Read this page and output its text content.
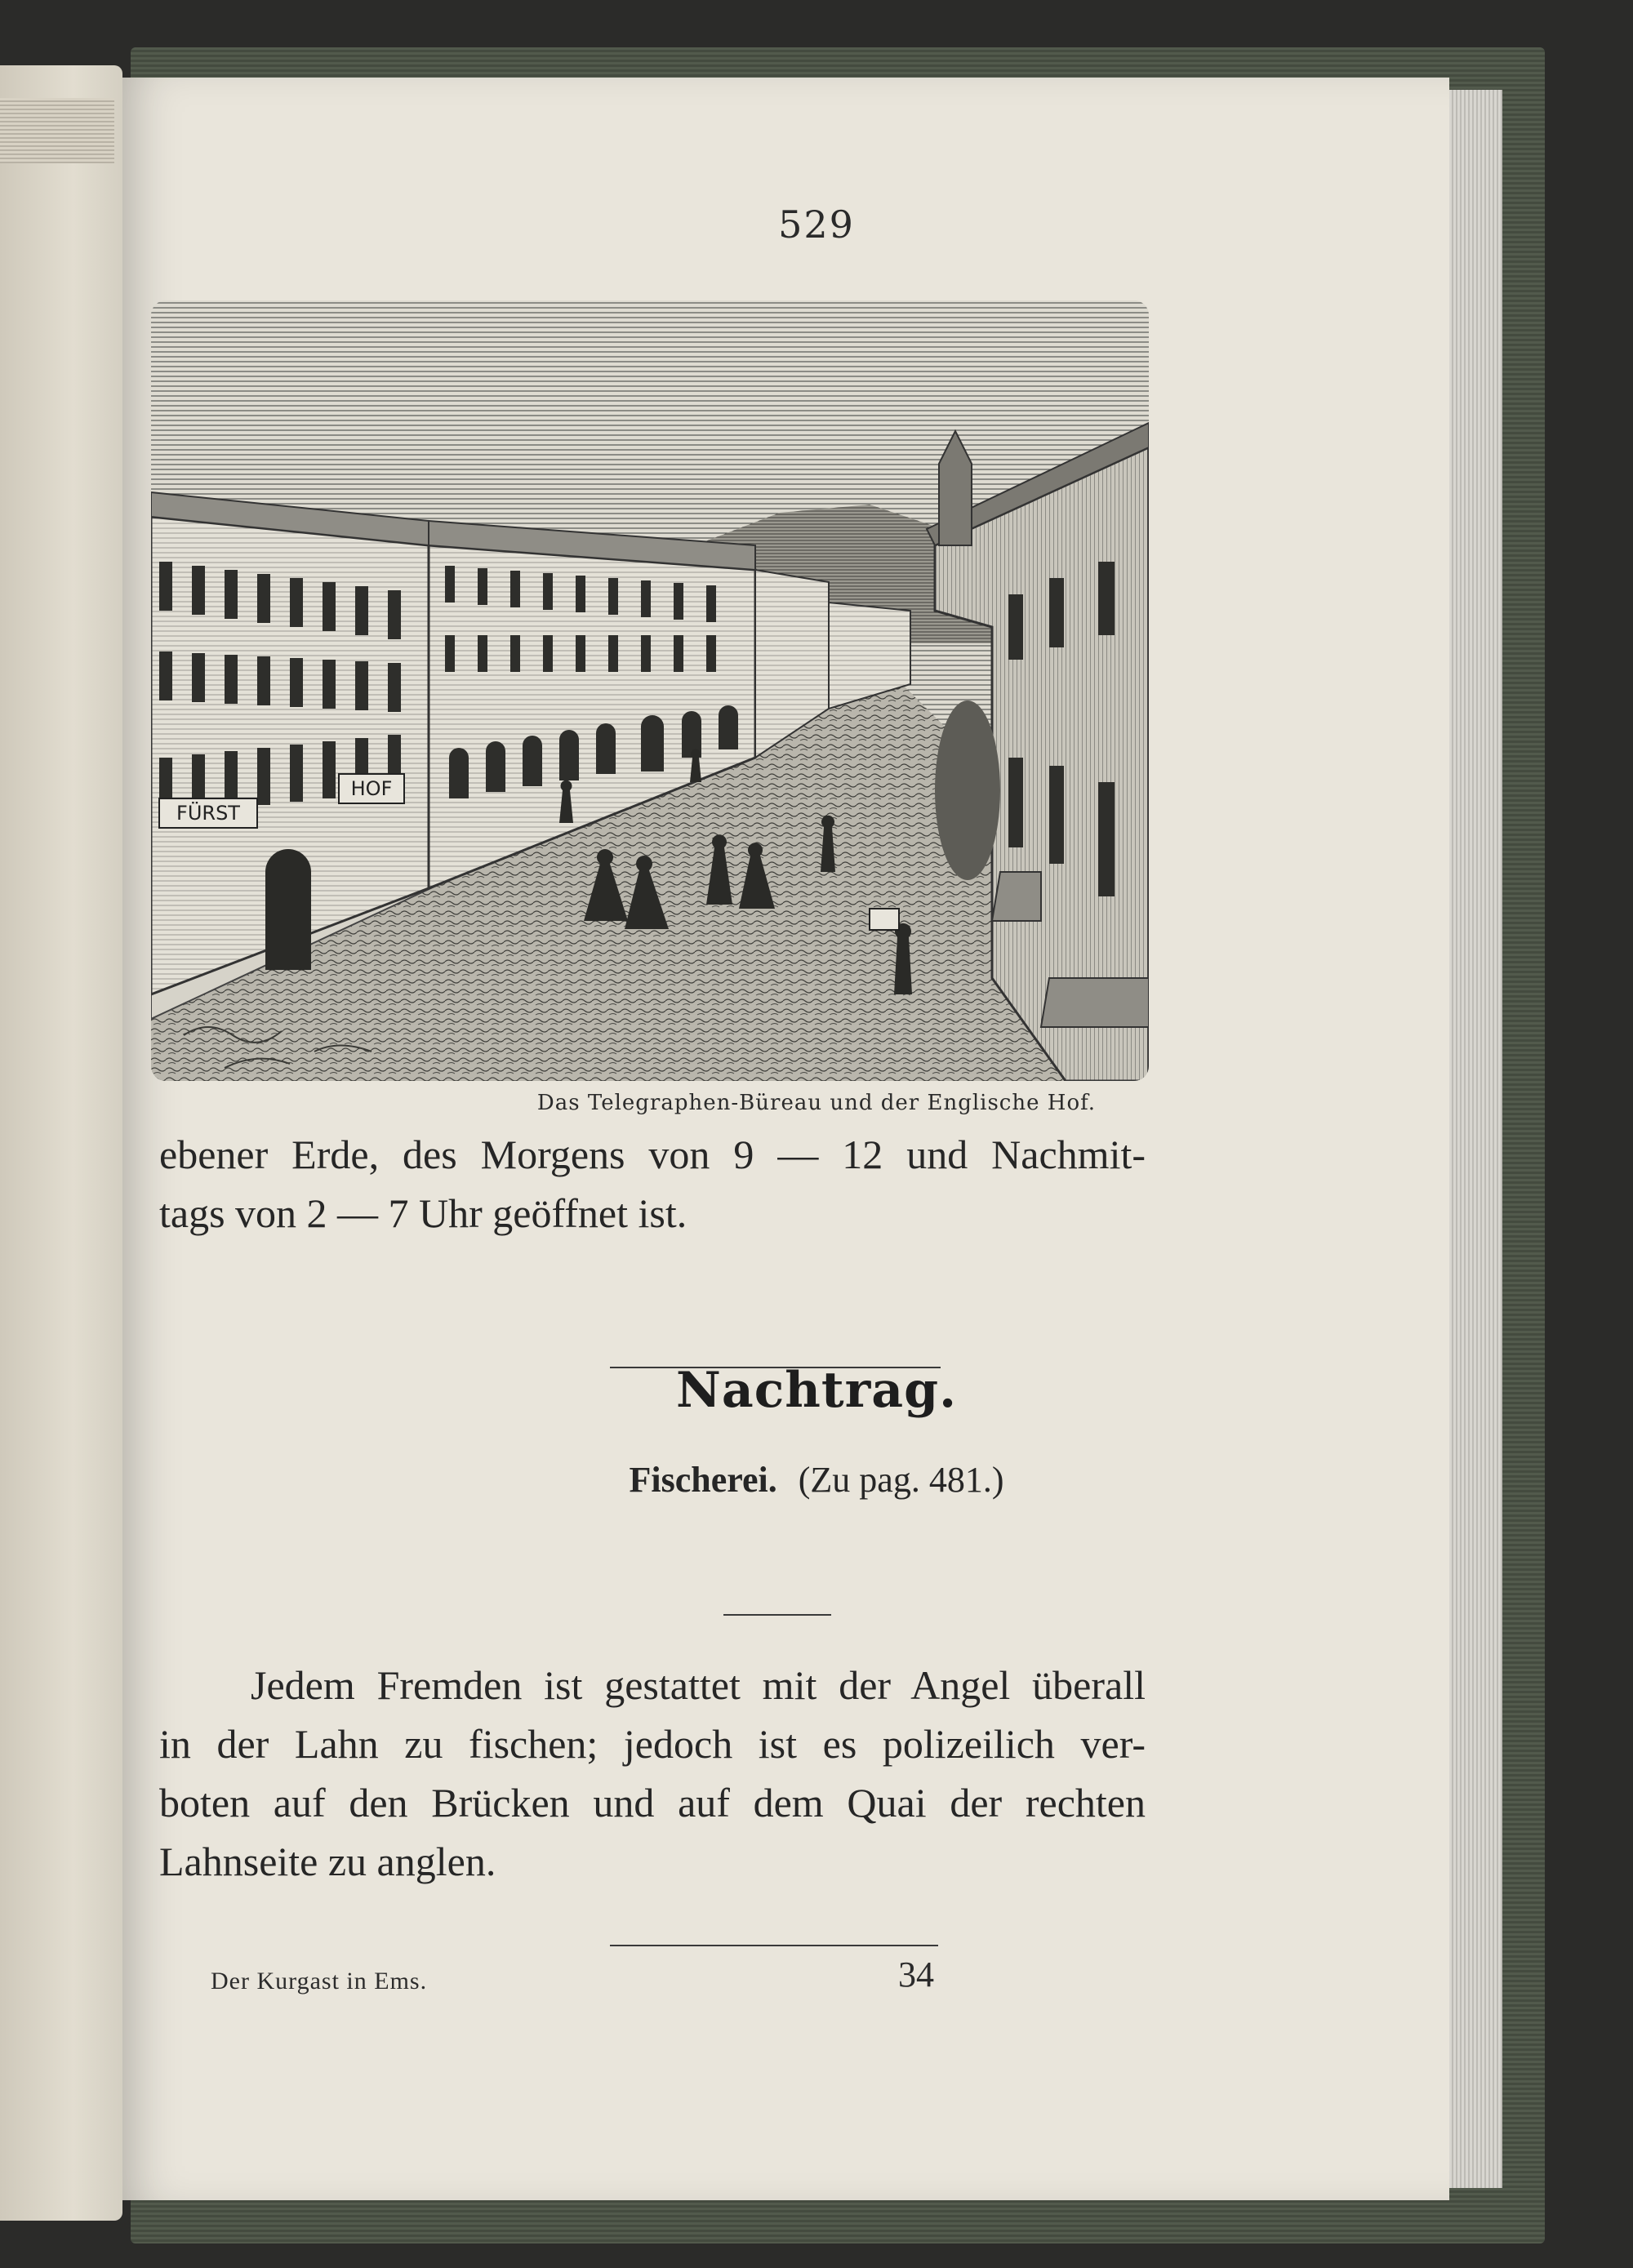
529
FÜRST
HOF
Das Telegraphen-Büreau und der Englische Hof.
ebener Erde, des Morgens von 9 — 12 und Nachmit-
tags von 2 — 7 Uhr geöffnet ist.
Nachtrag.
Fischerei. (Zu pag. 481.)
Jedem Fremden ist gestattet mit der Angel überall
in der Lahn zu fischen; jedoch ist es polizeilich ver-
boten auf den Brücken und auf dem Quai der rechten
Lahnseite zu anglen.
Der Kurgast in Ems.	34
